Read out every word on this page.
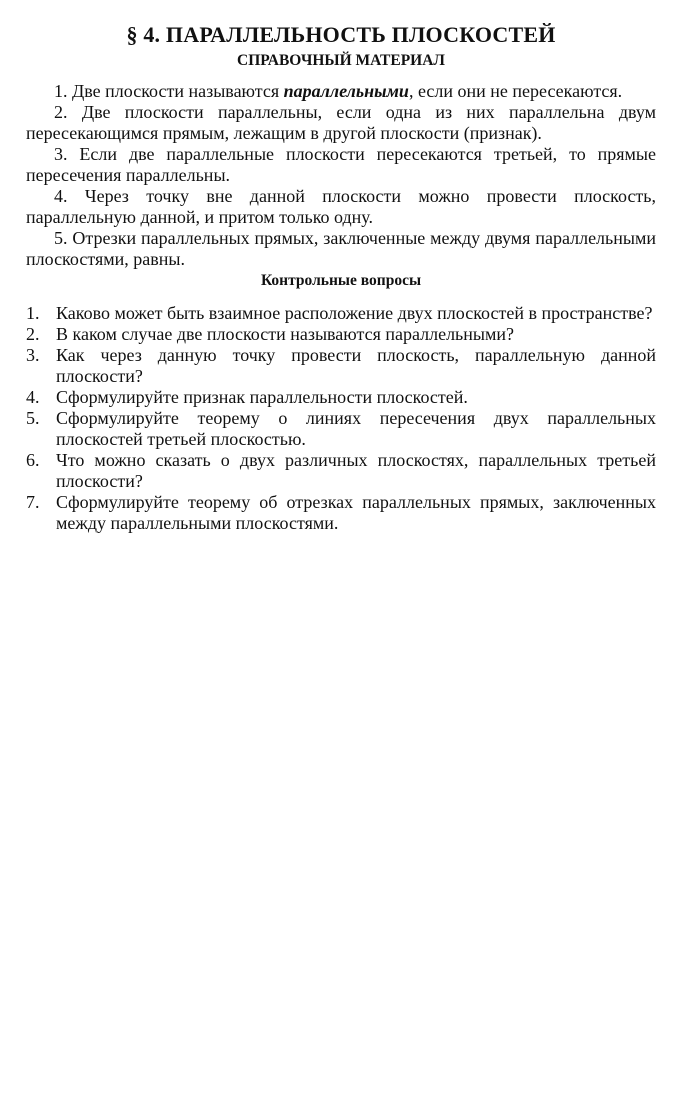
§ 4. ПАРАЛЛЕЛЬНОСТЬ ПЛОСКОСТЕЙ
СПРАВОЧНЫЙ МАТЕРИАЛ

1. Две плоскости называются параллельными, если они не пересекаются.

2. Две плоскости параллельны, если одна из них параллельна двум пересекающимся прямым, лежащим в другой плоскости (признак).

3. Если две параллельные плоскости пересекаются третьей, то прямые пересечения параллельны.

4. Через точку вне данной плоскости можно провести плоскость, параллельную данной, и притом только одну.

5. Отрезки параллельных прямых, заключенные между двумя параллельными плоскостями, равны.

Контрольные вопросы
1. Каково может быть взаимное расположение двух плоскостей в пространстве?
2. В каком случае две плоскости называются параллельными?
3. Как через данную точку провести плоскость, параллельную данной плоскости?
4. Сформулируйте признак параллельности плоскостей.
5. Сформулируйте теорему о линиях пересечения двух параллельных плоскостей третьей плоскостью.
6. Что можно сказать о двух различных плоскостях, параллельных третьей плоскости?
7. Сформулируйте теорему об отрезках параллельных прямых, заключенных между параллельными плоскостями.
